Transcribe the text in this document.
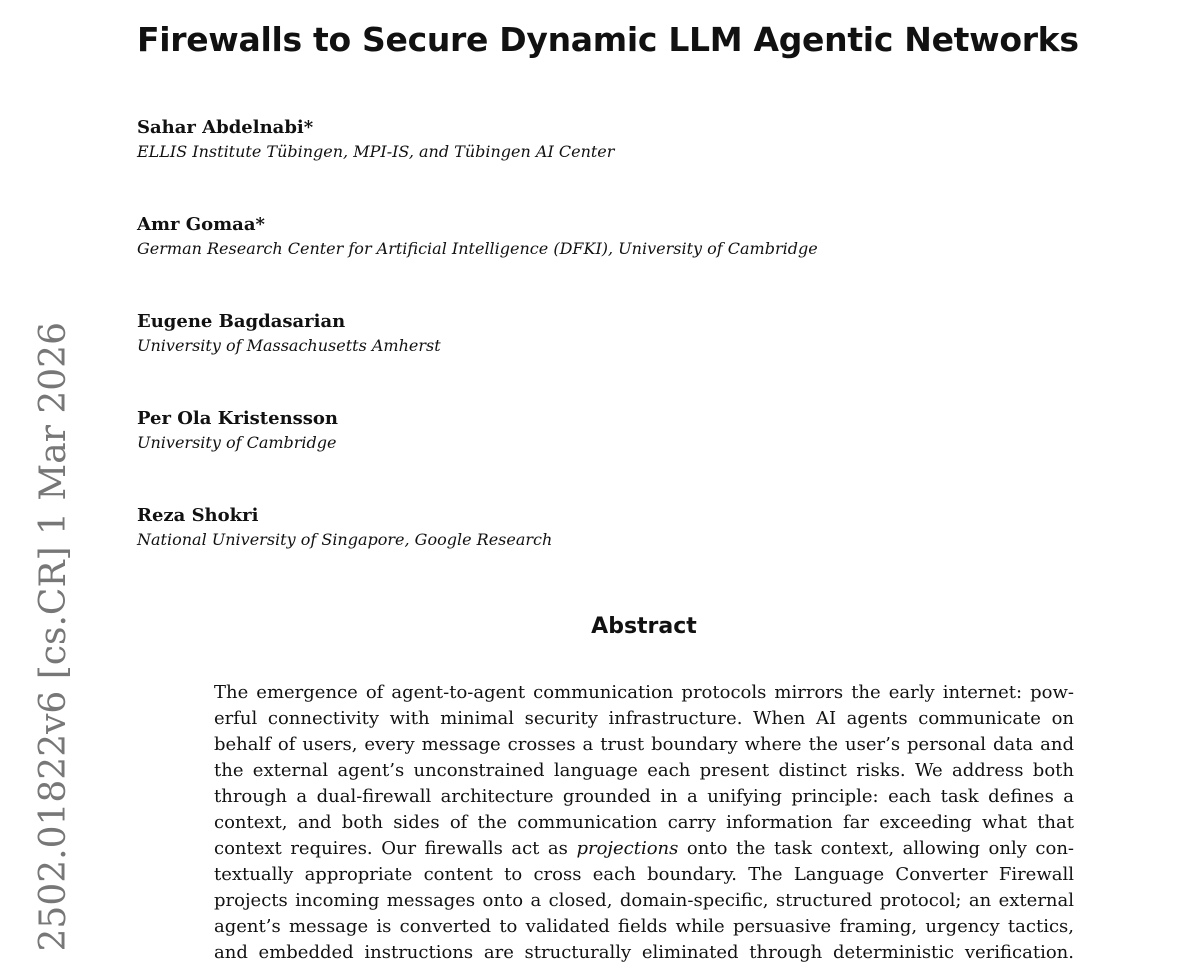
2502.01822v6 [cs.CR] 1 Mar 2026
Firewalls to Secure Dynamic LLM Agentic Networks
Sahar Abdelnabi*
ELLIS Institute Tübingen, MPI-IS, and Tübingen AI Center
Amr Gomaa*
German Research Center for Artificial Intelligence (DFKI), University of Cambridge
Eugene Bagdasarian
University of Massachusetts Amherst
Per Ola Kristensson
University of Cambridge
Reza Shokri
National University of Singapore, Google Research
Abstract
The emergence of agent-to-agent communication protocols mirrors the early internet: pow-
erful connectivity with minimal security infrastructure. When AI agents communicate on
behalf of users, every message crosses a trust boundary where the user’s personal data and
the external agent’s unconstrained language each present distinct risks. We address both
through a dual-firewall architecture grounded in a unifying principle: each task defines a
context, and both sides of the communication carry information far exceeding what that
context requires. Our firewalls act as projections onto the task context, allowing only con-
textually appropriate content to cross each boundary. The Language Converter Firewall
projects incoming messages onto a closed, domain-specific, structured protocol; an external
agent’s message is converted to validated fields while persuasive framing, urgency tactics,
and embedded instructions are structurally eliminated through deterministic verification.
